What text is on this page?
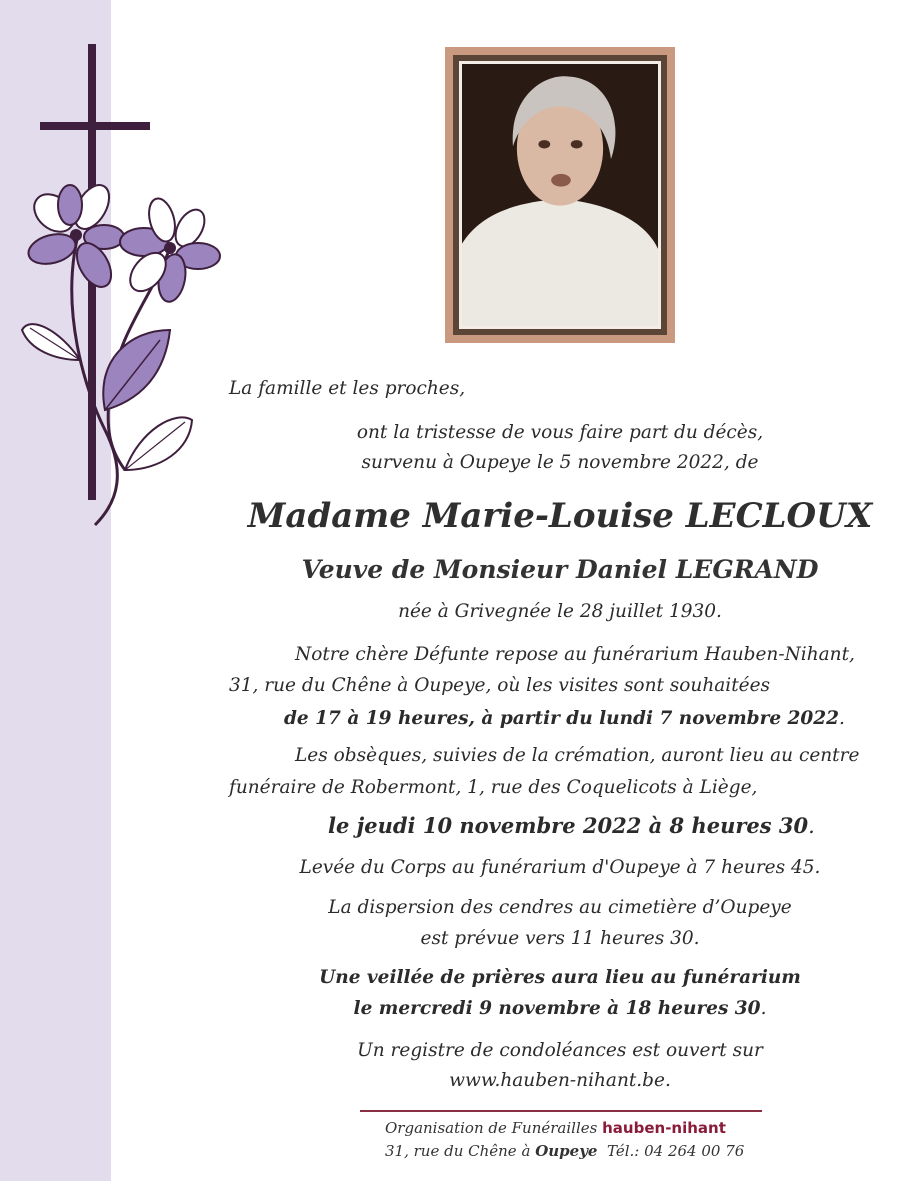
La famille et les proches,
ont la tristesse de vous faire part du décès,
survenu à Oupeye le 5 novembre 2022, de
Madame Marie-Louise LECLOUX
Veuve de Monsieur Daniel LEGRAND
née à Grivegnée le 28 juillet 1930.
Notre chère Défunte repose au funérarium Hauben-Nihant,
31, rue du Chêne à Oupeye, où les visites sont souhaitées
de 17 à 19 heures, à partir du lundi 7 novembre 2022.
Les obsèques, suivies de la crémation, auront lieu au centre
funéraire de Robermont, 1, rue des Coquelicots à Liège,
le jeudi 10 novembre 2022 à 8 heures 30.
Levée du Corps au funérarium d'Oupeye à 7 heures 45.
La dispersion des cendres au cimetière d’Oupeye
est prévue vers 11 heures 30.
Une veillée de prières aura lieu au funérarium
le mercredi 9 novembre à 18 heures 30.
Un registre de condoléances est ouvert sur
www.hauben-nihant.be.
Organisation de Funérailles hauben-nihant
31, rue du Chêne à Oupeye Tél.: 04 264 00 76
